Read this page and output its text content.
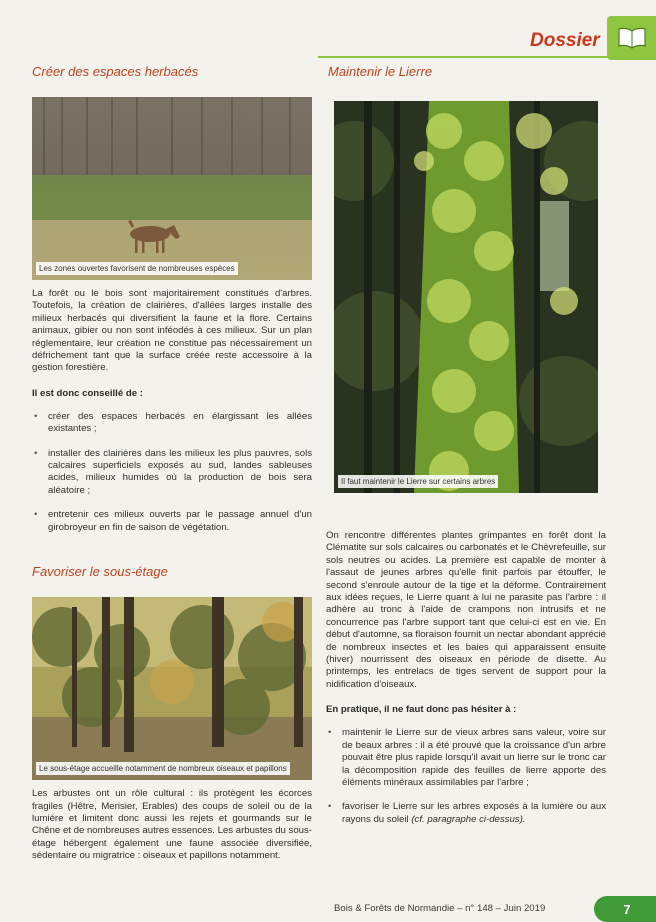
Dossier
Créer des espaces herbacés
Les zones ouvertes favorisent de nombreuses espèces

La forêt ou le bois sont majoritairement constitués d'arbres. Toutefois, la création de clairières, d'allées larges installe des milieux herbacés qui diversifient la faune et la flore. Certains animaux, gibier ou non sont inféodés à ces milieux. Sur un plan réglementaire, leur création ne constitue pas nécessairement un défrichement tant que la surface créée reste accessoire à la gestion forestière.

Il est donc conseillé de :

• créer des espaces herbacés en élargissant les allées existantes ;
• installer des clairières dans les milieux les plus pauvres, sols calcaires superficiels exposés au sud, landes sableuses acides, milieux humides où la production de bois sera aléatoire ;
• entretenir ces milieux ouverts par le passage annuel d'un girobroyeur en fin de saison de végétation.
Favoriser le sous-étage
Le sous-étage accueille notamment de nombreux oiseaux et papillons

Les arbustes ont un rôle cultural : ils protègent les écorces fragiles (Hêtre, Merisier, Erables) des coups de soleil ou de la lumière et limitent donc aussi les rejets et gourmands sur le Chêne et de nombreuses autres essences. Les arbustes du sous-étage hébergent également une faune associée diversifiée, sédentaire ou migratrice : oiseaux et papillons notamment.

Maintenir le Lierre
Il faut maintenir le Lierre sur certains arbres

On rencontre différentes plantes grimpantes en forêt dont la Clématite sur sols calcaires ou carbonatés et le Chèvrefeuille, sur sols neutres ou acides. La première est capable de monter à l'assaut de jeunes arbres qu'elle finit parfois par étouffer, le second s'enroule autour de la tige et la déforme. Contrairement aux idées reçues, le Lierre quant à lui ne parasite pas l'arbre : il adhère au tronc à l'aide de crampons non intrusifs et ne concurrence pas l'arbre support tant que celui-ci est en vie. En début d'automne, sa floraison fournit un nectar abondant apprécié de nombreux insectes et les baies qui apparaissent ensuite (hiver) nourrissent des oiseaux en période de disette. Au printemps, les entrelacs de tiges servent de support pour la nidification d'oiseaux.

En pratique, il ne faut donc pas hésiter à :

• maintenir le Lierre sur de vieux arbres sans valeur, voire sur de beaux arbres : il a été prouvé que la croissance d'un arbre pouvait être plus rapide lorsqu'il avait un lierre sur le tronc car la décomposition rapide des feuilles de lierre apporte des éléments minéraux assimilables par l'arbre ;
• favoriser le Lierre sur les arbres exposés à la lumière ou aux rayons du soleil (cf. paragraphe ci-dessus).
Bois & Forêts de Normandie – n° 148 – Juin 2019	7
